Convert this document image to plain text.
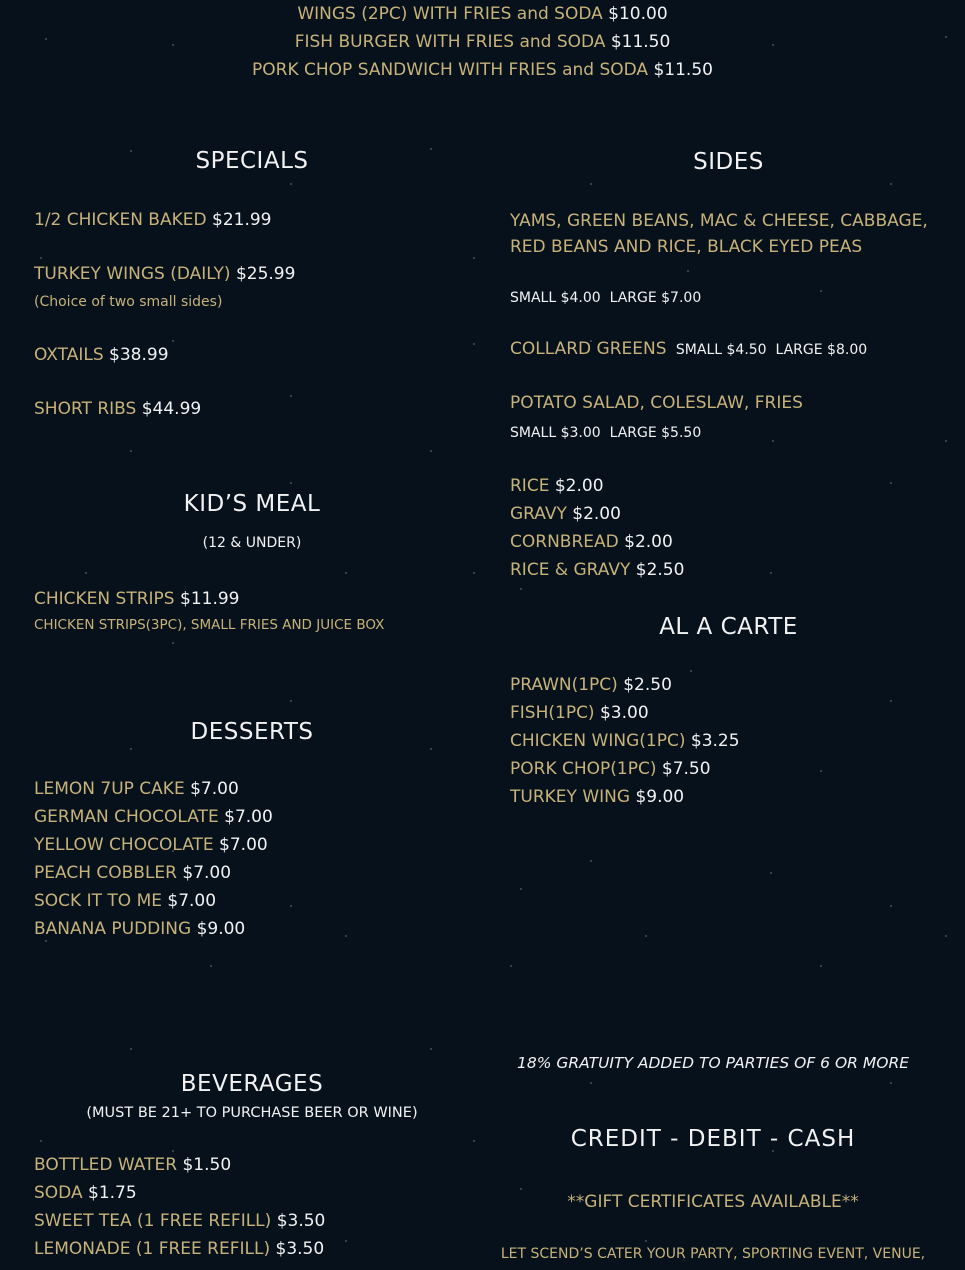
WINGS (2PC) WITH FRIES and SODA $10.00
FISH BURGER WITH FRIES and SODA $11.50
PORK CHOP SANDWICH WITH FRIES and SODA $11.50
SPECIALS
1/2 CHICKEN BAKED $21.99
TURKEY WINGS (DAILY) $25.99
(Choice of two small sides)
OXTAILS $38.99
SHORT RIBS $44.99
KID’S MEAL
(12 & UNDER)
CHICKEN STRIPS $11.99
CHICKEN STRIPS(3PC), SMALL FRIES AND JUICE BOX
DESSERTS
LEMON 7UP CAKE $7.00
GERMAN CHOCOLATE $7.00
YELLOW CHOCOLATE $7.00
PEACH COBBLER $7.00
SOCK IT TO ME $7.00
BANANA PUDDING $9.00
BEVERAGES
(MUST BE 21+ TO PURCHASE BEER OR WINE)
BOTTLED WATER $1.50
SODA $1.75
SWEET TEA (1 FREE REFILL) $3.50
LEMONADE (1 FREE REFILL) $3.50
SIDES
YAMS, GREEN BEANS, MAC & CHEESE, CABBAGE, RED BEANS AND RICE, BLACK EYED PEAS
SMALL $4.00  LARGE $7.00
COLLARD GREENS SMALL $4.50  LARGE $8.00
POTATO SALAD, COLESLAW, FRIES
SMALL $3.00  LARGE $5.50
RICE $2.00
GRAVY $2.00
CORNBREAD $2.00
RICE & GRAVY $2.50
AL A CARTE
PRAWN(1PC) $2.50
FISH(1PC) $3.00
CHICKEN WING(1PC) $3.25
PORK CHOP(1PC) $7.50
TURKEY WING $9.00
18% GRATUITY ADDED TO PARTIES OF 6 OR MORE
CREDIT - DEBIT - CASH
**GIFT CERTIFICATES AVAILABLE**
LET SCEND’S CATER YOUR PARTY, SPORTING EVENT, VENUE,
